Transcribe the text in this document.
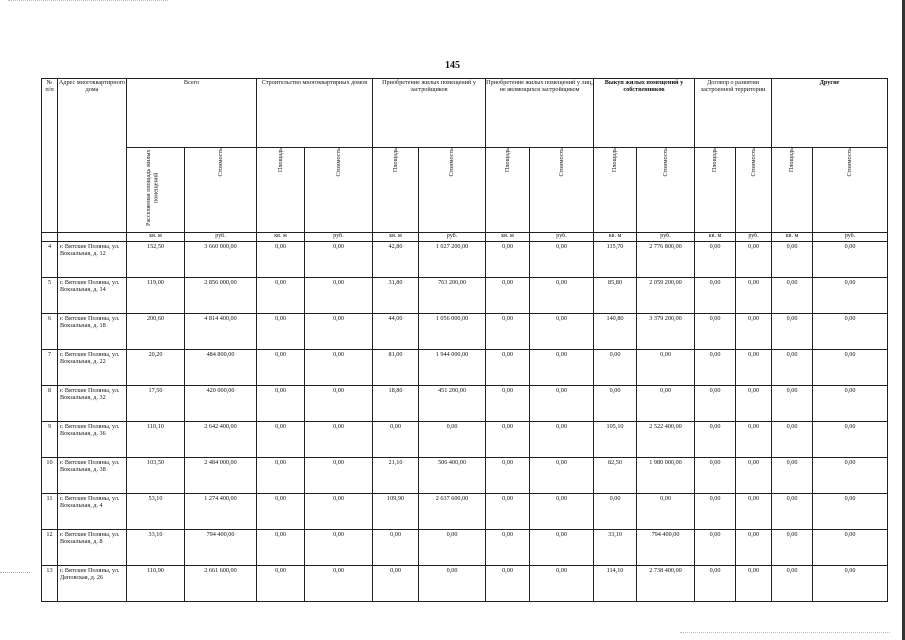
145
№
п/п	Адрес многоквартирного дома	Всего		Строительство многоквартирных домов		Приобретение жилых помещений у застройщиков		Приобретение жилых помещений у лиц, не являющихся застройщиком		Выкуп жилых помещений у собственников		Договор о развитии застроенной территории		Другие	
		Расселяемая площадь жилых помещений	Стоимость	Площадь	Стоимость	Площадь	Стоимость	Площадь	Стоимость	Площадь	Стоимость	Площадь	Стоимость	Площадь	Стоимость
		кв. м	руб.	кв. м	руб.	кв. м	руб.	кв. м	руб.	кв. м	руб.	кв. м	руб.	кв. м	руб.
4	г. Вятские Поляны, ул. Вокзальная, д. 12	152,50	3 660 000,00	0,00	0,00	42,80	1 027 200,00	0,00	0,00	115,70	2 776 800,00	0,00	0,00	0,00	0,00
5	г. Вятские Поляны, ул. Вокзальная, д. 14	119,00	2 856 000,00	0,00	0,00	31,80	763 200,00	0,00	0,00	85,80	2 059 200,00	0,00	0,00	0,00	0,00
6	г. Вятские Поляны, ул. Вокзальная, д. 18	200,60	4 814 400,00	0,00	0,00	44,00	1 056 000,00	0,00	0,00	140,80	3 379 200,00	0,00	0,00	0,00	0,00
7	г. Вятские Поляны, ул. Вокзальная, д. 22	20,20	484 800,00	0,00	0,00	81,00	1 944 000,00	0,00	0,00	0,00	0,00	0,00	0,00	0,00	0,00
8	г. Вятские Поляны, ул. Вокзальная, д. 32	17,50	420 000,00	0,00	0,00	18,80	451 200,00	0,00	0,00	0,00	0,00	0,00	0,00	0,00	0,00
9	г. Вятские Поляны, ул. Вокзальная, д. 36	110,10	2 642 400,00	0,00	0,00	0,00	0,00	0,00	0,00	105,10	2 522 400,00	0,00	0,00	0,00	0,00
10	г. Вятские Поляны, ул. Вокзальная, д. 38	103,50	2 484 000,00	0,00	0,00	21,10	506 400,00	0,00	0,00	82,50	1 980 000,00	0,00	0,00	0,00	0,00
11	г. Вятские Поляны, ул. Вокзальная, д. 4	53,10	1 274 400,00	0,00	0,00	109,90	2 637 600,00	0,00	0,00	0,00	0,00	0,00	0,00	0,00	0,00
12	г. Вятские Поляны, ул. Вокзальная, д. 8	33,10	794 400,00	0,00	0,00	0,00	0,00	0,00	0,00	33,10	794 400,00	0,00	0,00	0,00	0,00
13	г. Вятские Поляны, ул. Деповская, д. 26	110,90	2 661 600,00	0,00	0,00	0,00	0,00	0,00	0,00	114,10	2 738 400,00	0,00	0,00	0,00	0,00
